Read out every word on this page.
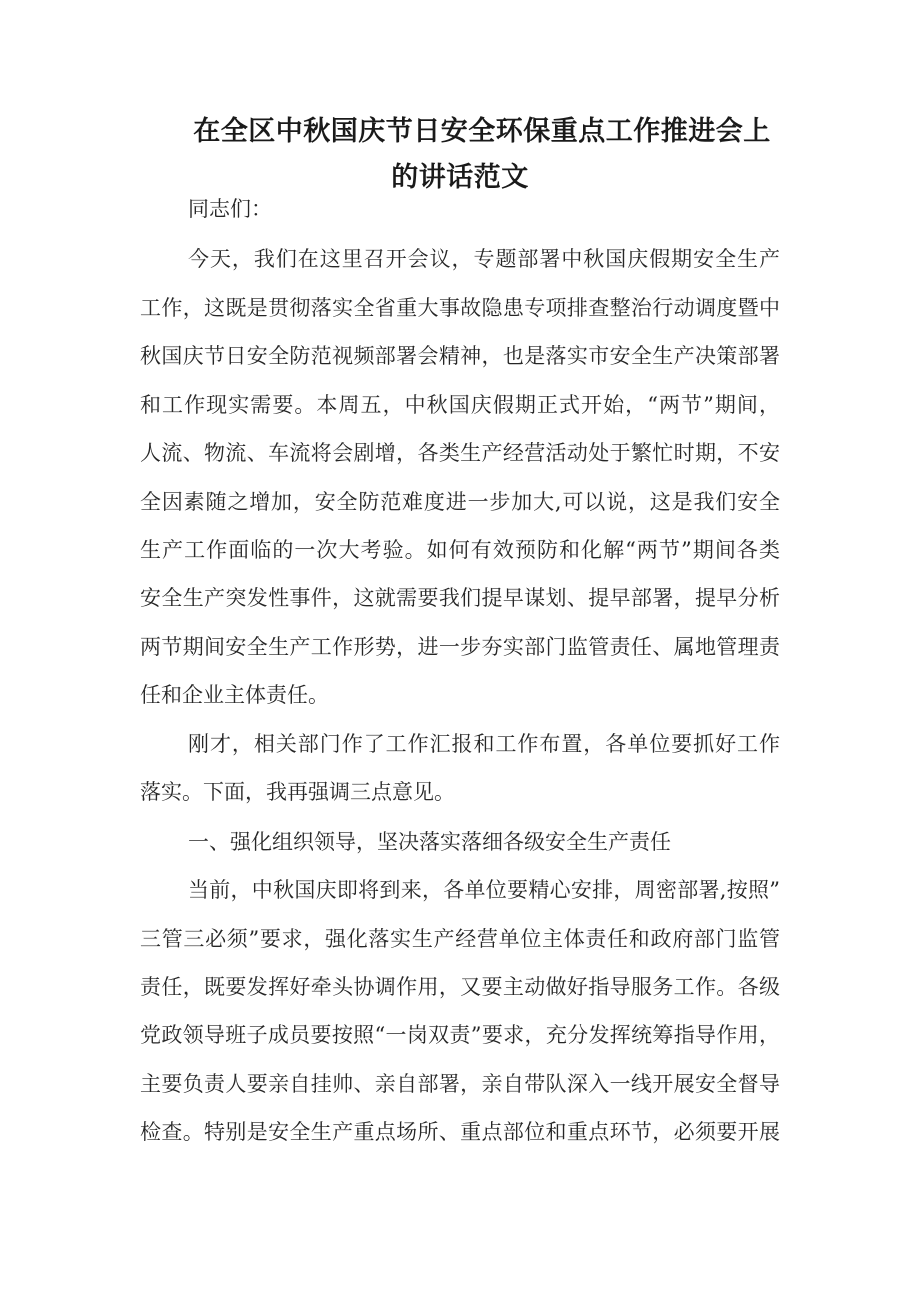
在全区中秋国庆节日安全环保重点工作推进会上
的讲话范文
同志们：
今天，我们在这里召开会议，专题部署中秋国庆假期安全生产
工作，这既是贯彻落实全省重大事故隐患专项排查整治行动调度暨中
秋国庆节日安全防范视频部署会精神，也是落实市安全生产决策部署
和工作现实需要。本周五，中秋国庆假期正式开始，“两节”期间，
人流、物流、车流将会剧增，各类生产经营活动处于繁忙时期，不安
全因素随之增加，安全防范难度进一步加大,可以说，这是我们安全
生产工作面临的一次大考验。如何有效预防和化解“两节”期间各类
安全生产突发性事件，这就需要我们提早谋划、提早部署，提早分析
两节期间安全生产工作形势，进一步夯实部门监管责任、属地管理责
任和企业主体责任。
刚才，相关部门作了工作汇报和工作布置，各单位要抓好工作
落实。下面，我再强调三点意见。
一、强化组织领导，坚决落实落细各级安全生产责任
当前，中秋国庆即将到来，各单位要精心安排，周密部署,按照”
三管三必须”要求，强化落实生产经营单位主体责任和政府部门监管
责任，既要发挥好牵头协调作用，又要主动做好指导服务工作。各级
党政领导班子成员要按照“一岗双责”要求，充分发挥统筹指导作用，
主要负责人要亲自挂帅、亲自部署，亲自带队深入一线开展安全督导
检查。特别是安全生产重点场所、重点部位和重点环节，必须要开展
